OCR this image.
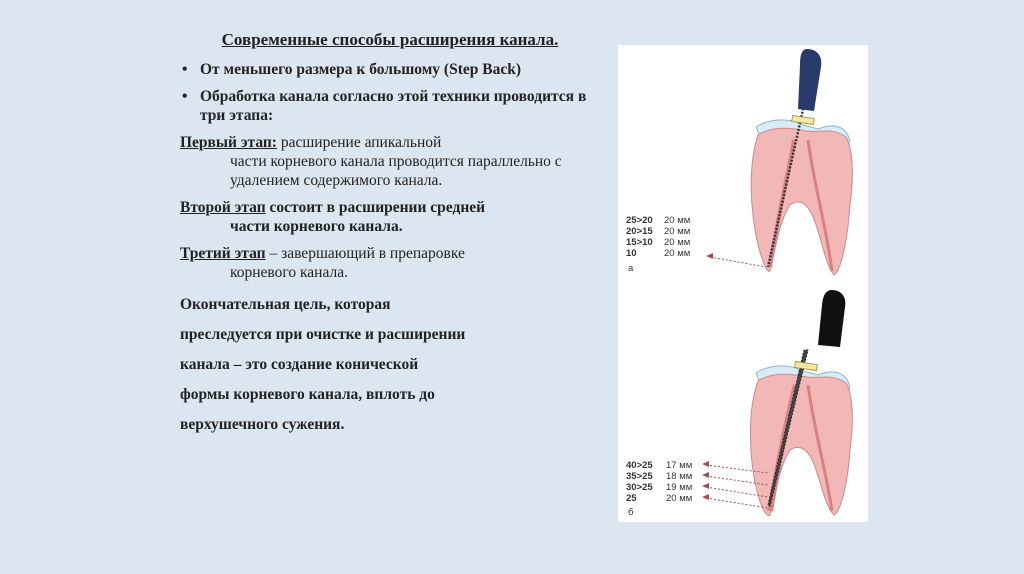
Современные способы расширения канала.

• От меньшего размера к большому (Step Back)
• Обработка канала согласно этой техники проводится в три этапа:

Первый этап: расширение апикальной
части корневого канала проводится параллельно с удалением содержимого канала.

Второй этап состоит в расширении средней
части корневого канала.

Третий этап – завершающий в препаровке
корневого канала.

Окончательная цель, которая
преследуется при очистке и расширении
канала – это создание конической
формы корневого канала, вплоть до
верхушечного сужения.
25>20 20 мм
20>15 20 мм
15>10 20 мм
10	20 мм
а
40>25 17 мм
35>25 18 мм
30>25 19 мм
25	20 мм
б
